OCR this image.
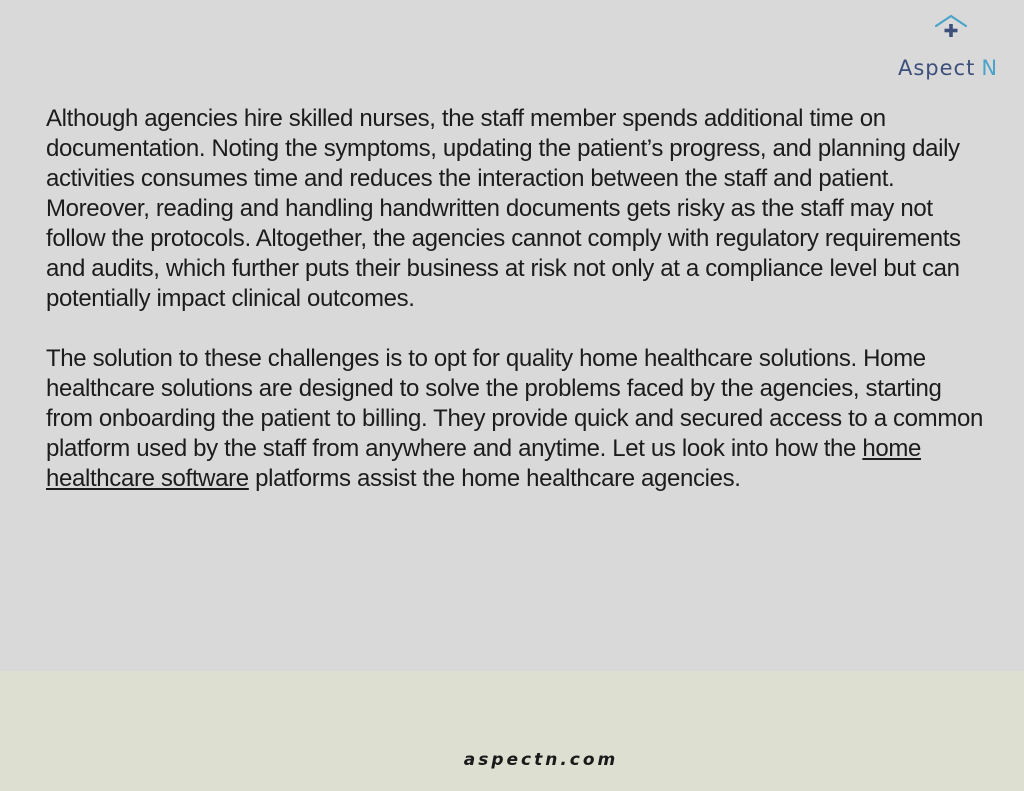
Aspect N

Although agencies hire skilled nurses, the staff member spends additional time on documentation. Noting the symptoms, updating the patient’s progress, and planning daily activities consumes time and reduces the interaction between the staff and patient. Moreover, reading and handling handwritten documents gets risky as the staff may not follow the protocols. Altogether, the agencies cannot comply with regulatory requirements and audits, which further puts their business at risk not only at a compliance level but can potentially impact clinical outcomes.

The solution to these challenges is to opt for quality home healthcare solutions. Home healthcare solutions are designed to solve the problems faced by the agencies, starting from onboarding the patient to billing. They provide quick and secured access to a common platform used by the staff from anywhere and anytime. Let us look into how the home healthcare software platforms assist the home healthcare agencies.

aspectn.com
